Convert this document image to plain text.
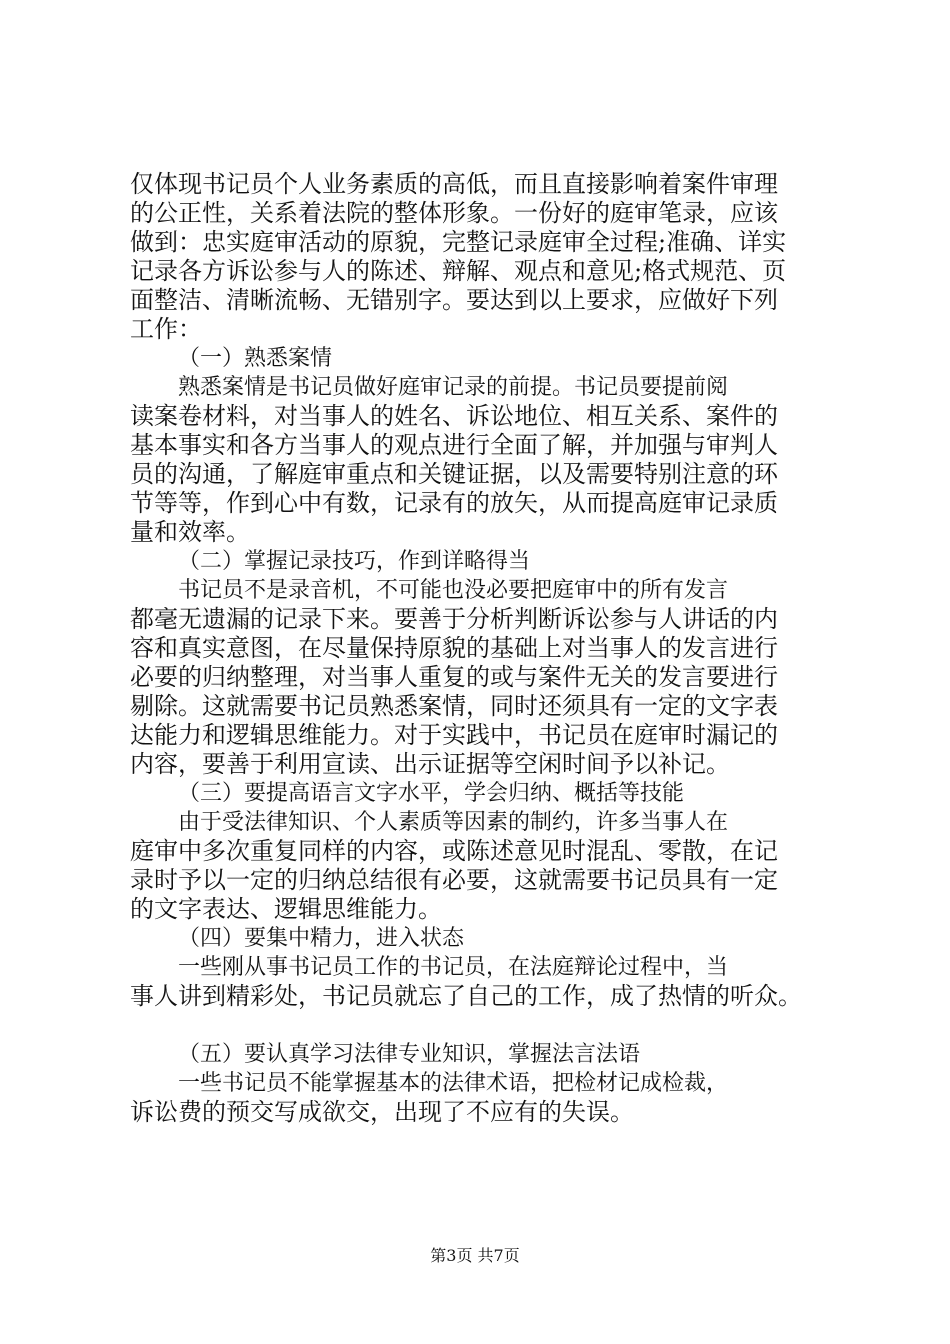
仅体现书记员个人业务素质的高低，而且直接影响着案件审理
的公正性，关系着法院的整体形象。一份好的庭审笔录，应该
做到：忠实庭审活动的原貌，完整记录庭审全过程;准确、详实
记录各方诉讼参与人的陈述、辩解、观点和意见;格式规范、页
面整洁、清晰流畅、无错别字。要达到以上要求，应做好下列
工作：
（一）熟悉案情
熟悉案情是书记员做好庭审记录的前提。书记员要提前阅
读案卷材料，对当事人的姓名、诉讼地位、相互关系、案件的
基本事实和各方当事人的观点进行全面了解，并加强与审判人
员的沟通，了解庭审重点和关键证据，以及需要特别注意的环
节等等，作到心中有数，记录有的放矢，从而提高庭审记录质
量和效率。
（二）掌握记录技巧，作到详略得当
书记员不是录音机，不可能也没必要把庭审中的所有发言
都毫无遗漏的记录下来。要善于分析判断诉讼参与人讲话的内
容和真实意图，在尽量保持原貌的基础上对当事人的发言进行
必要的归纳整理，对当事人重复的或与案件无关的发言要进行
剔除。这就需要书记员熟悉案情，同时还须具有一定的文字表
达能力和逻辑思维能力。对于实践中，书记员在庭审时漏记的
内容，要善于利用宣读、出示证据等空闲时间予以补记。
（三）要提高语言文字水平，学会归纳、概括等技能
由于受法律知识、个人素质等因素的制约，许多当事人在
庭审中多次重复同样的内容，或陈述意见时混乱、零散，在记
录时予以一定的归纳总结很有必要，这就需要书记员具有一定
的文字表达、逻辑思维能力。
（四）要集中精力，进入状态
一些刚从事书记员工作的书记员，在法庭辩论过程中，当
事人讲到精彩处，书记员就忘了自己的工作，成了热情的听众。
（五）要认真学习法律专业知识，掌握法言法语
一些书记员不能掌握基本的法律术语，把检材记成检裁，
诉讼费的预交写成欲交，出现了不应有的失误。
第3页 共7页
